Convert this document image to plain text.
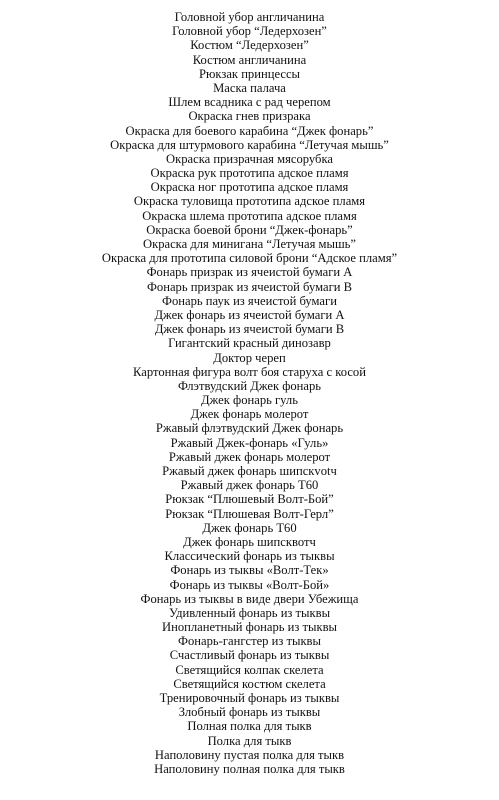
Головной убор англичанина
Головной убор “Ледерхозен”
Костюм “Ледерхозен”
Костюм англичанина
Рюкзак принцессы
Маска палача
Шлем всадника с рад черепом
Окраска гнев призрака
Окраска для боевого карабина “Джек фонарь”
Окраска для штурмового карабина “Летучая мышь”
Окраска призрачная мясорубка
Окраска рук прототипа адское пламя
Окраска ног прототипа адское пламя
Окраска туловища прототипа адское пламя
Окраска шлема прототипа адское пламя
Окраска боевой брони “Джек-фонарь”
Окраска для минигана “Летучая мышь”
Окраска для прототипа силовой брони “Адское пламя”
Фонарь призрак из ячеистой бумаги А
Фонарь призрак из ячеистой бумаги В
Фонарь паук из ячеистой бумаги
Джек фонарь из ячеистой бумаги А
Джек фонарь из ячеистой бумаги В
Гигантский красный динозавр
Доктор череп
Картонная фигура волт боя старуха с косой
Флэтвудский Джек фонарь
Джек фонарь гуль
Джек фонарь молерот
Ржавый флэтвудский Джек фонарь
Ржавый Джек-фонарь «Гуль»
Ржавый джек фонарь молерот
Ржавый джек фонарь шипскvotч
Ржавый джек фонарь Т60
Рюкзак “Плюшевый Волт-Бой”
Рюкзак “Плюшевая Волт-Герл”
Джек фонарь Т60
Джек фонарь шипсквотч
Классический фонарь из тыквы
Фонарь из тыквы «Волт-Тек»
Фонарь из тыквы «Волт-Бой»
Фонарь из тыквы в виде двери Убежища
Удивленный фонарь из тыквы
Инопланетный фонарь из тыквы
Фонарь-гангстер из тыквы
Счастливый фонарь из тыквы
Светящийся колпак скелета
Светящийся костюм скелета
Тренировочный фонарь из тыквы
Злобный фонарь из тыквы
Полная полка для тыкв
Полка для тыкв
Наполовину пустая полка для тыкв
Наполовину полная полка для тыкв
